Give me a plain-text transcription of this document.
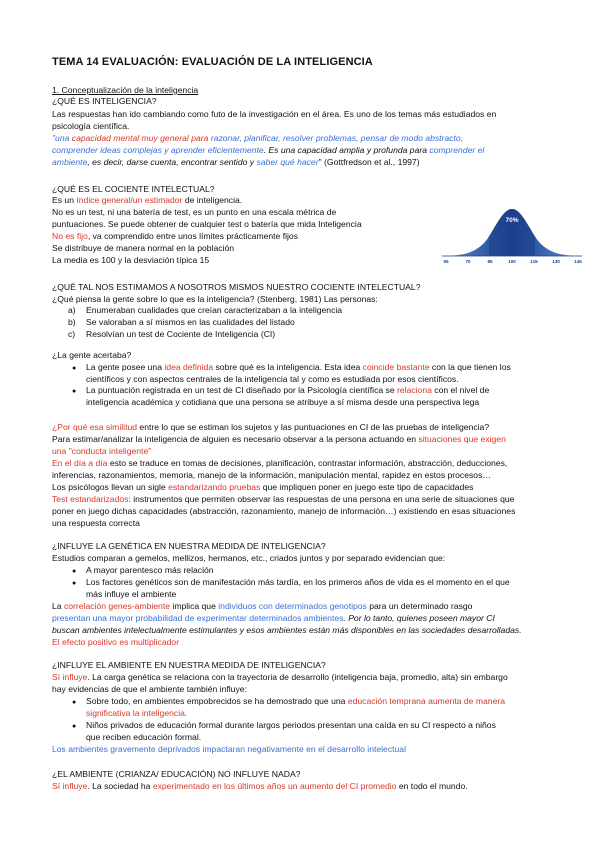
TEMA 14 EVALUACIÓN: EVALUACIÓN DE LA INTELIGENCIA
1. Conceptualización de la inteligencia
¿QUÉ ES INTELIGENCIA?
Las respuestas han ido cambiando como futo de la investigación en el área. Es uno de los temas más estudiados en
psicología científica.
"una capacidad mental muy general para razonar, planificar, resolver problemas, pensar de modo abstracto,
comprender ideas complejas y aprender eficientemente. Es una capacidad amplia y profunda para comprender el
ambiente, es decir, darse cuenta, encontrar sentido y saber qué hacer" (Gottfredson et al., 1997)
¿QUÉ ES EL COCIENTE INTELECTUAL?
Es un índice general/un estimador de inteligencia.
No es un test, ni una batería de test, es un punto en una escala métrica de
puntuaciones. Se puede obtener de cualquier test o batería que mida Inteligencia
No es fijo, va comprendido entre unos límites prácticamente fijos
Se distribuye de manera normal en la población
La media es 100 y la desviación típica 15
70%
55	70	85	100	115	130	145
¿QUÉ TAL NOS ESTIMAMOS A NOSOTROS MISMOS NUESTRO COCIENTE INTELECTUAL?
¿Qué piensa la gente sobre lo que es la inteligencia? (Stenberg, 1981) Las personas:
a) Enumeraban cualidades que creían caracterizaban a la inteligencia
b) Se valoraban a sí mismos en las cualidades del listado
c) Resolvían un test de Cociente de Inteligencia (CI)
¿La gente acertaba?
● La gente posee una idea definida sobre qué es la inteligencia. Esta idea coincide bastante con la que tienen los
científicos y con aspectos centrales de la inteligencia tal y como es estudiada por esos científicos.
● La puntuación registrada en un test de CI diseñado por la Psicología científica se relaciona con el nivel de
inteligencia académica y cotidiana que una persona se atribuye a sí misma desde una perspectiva lega
¿Por qué esa similitud entre lo que se estiman los sujetos y las puntuaciones en CI de las pruebas de inteligencia?
Para estimar/analizar la inteligencia de alguien es necesario observar a la persona actuando en situaciones que exigen
una "conducta inteligente"
En el día a día esto se traduce en tomas de decisiones, planificación, contrastar información, abstracción, deducciones,
inferencias, razonamientos, memoria, manejo de la información, manipulación mental, rapidez en estos procesos…
Los psicólogos llevan un sigle estandarizando pruebas que impliquen poner en juego este tipo de capacidades
Test estandarizados: instrumentos que permiten observar las respuestas de una persona en una serie de situaciones que
poner en juego dichas capacidades (abstracción, razonamiento, manejo de información…) existiendo en esas situaciones
una respuesta correcta
¿INFLUYE LA GENÉTICA EN NUESTRA MEDIDA DE INTELIGENCIA?
Estudios comparan a gemelos, mellizos, hermanos, etc., criados juntos y por separado evidencian que:
● A mayor parentesco más relación
● Los factores genéticos son de manifestación más tardía, en los primeros años de vida es el momento en el que
más influye el ambiente
La correlación genes-ambiente implica que individuos con determinados genotipos para un determinado rasgo
presentan una mayor probabilidad de experimentar determinados ambientes. Por lo tanto, quienes poseen mayor CI
buscan ambientes intelectualmente estimulantes y esos ambientes están más disponibles en las sociedades desarrolladas.
El efecto positivo es multiplicador
¿INFLUYE EL AMBIENTE EN NUESTRA MEDIDA DE INTELIGENCIA?
Sí influye. La carga genética se relaciona con la trayectoria de desarrollo (inteligencia baja, promedio, alta) sin embargo
hay evidencias de que el ambiente también influye:
● Sobre todo, en ambientes empobrecidos se ha demostrado que una educación temprana aumenta de manera
significativa la inteligencia.
● Niños privados de educación formal durante largos periodos presentan una caída en su CI respecto a niños
que reciben educación formal.
Los ambientes gravemente deprivados impactaran negativamente en el desarrollo intelectual
¿EL AMBIENTE (CRIANZA/ EDUCACIÓN) NO INFLUYE NADA?
Sí influye. La sociedad ha experimentado en los últimos años un aumento del CI promedio en todo el mundo.
